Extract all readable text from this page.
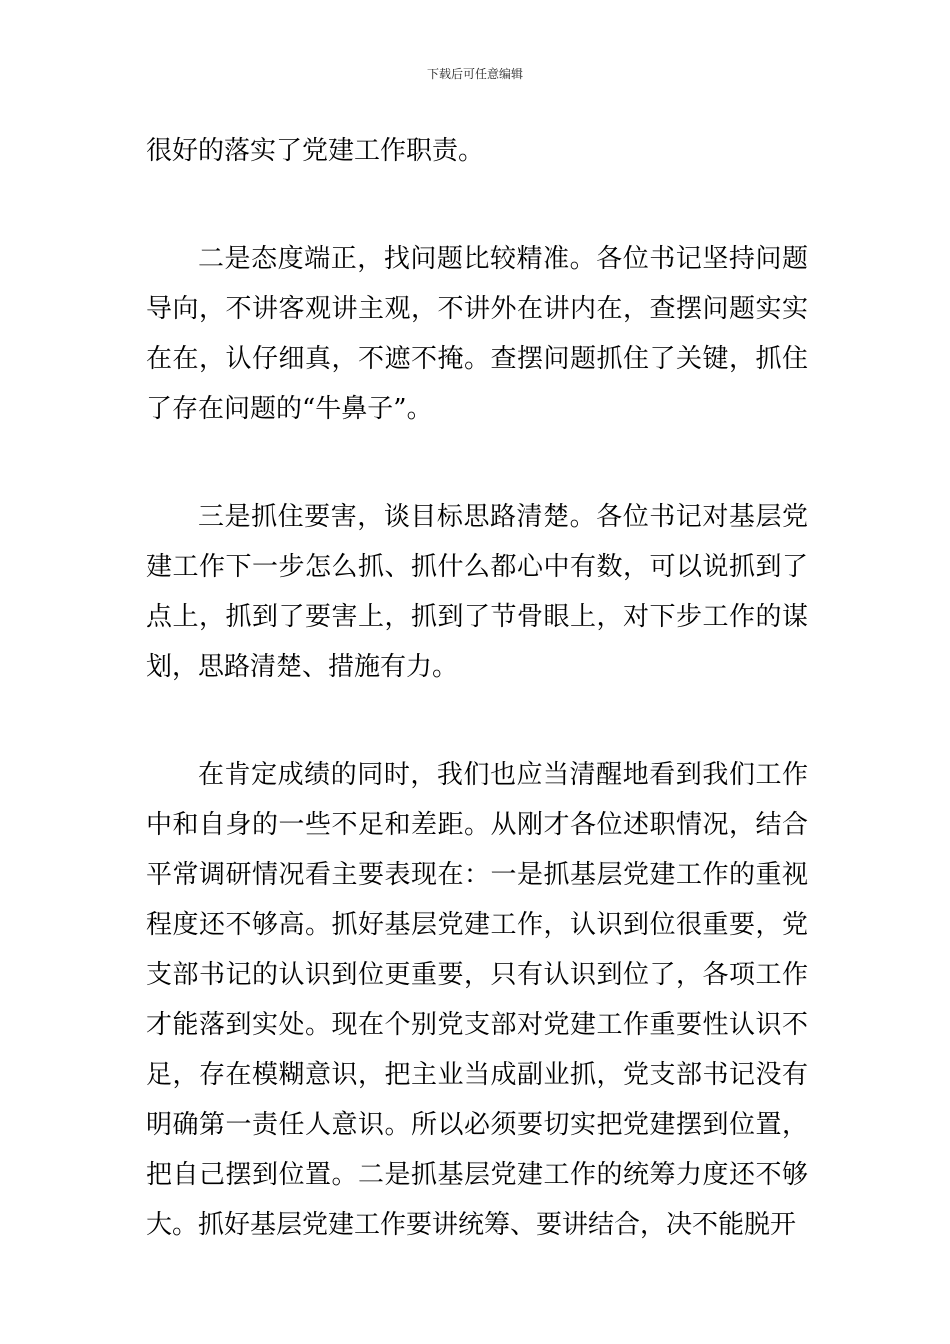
下载后可任意编辑

很好的落实了党建工作职责。

二是态度端正，找问题比较精准。各位书记坚持问题导向，不讲客观讲主观，不讲外在讲内在，查摆问题实实在在，认仔细真，不遮不掩。查摆问题抓住了关键，抓住了存在问题的“牛鼻子”。

三是抓住要害，谈目标思路清楚。各位书记对基层党建工作下一步怎么抓、抓什么都心中有数，可以说抓到了点上，抓到了要害上，抓到了节骨眼上，对下步工作的谋划，思路清楚、措施有力。

在肯定成绩的同时，我们也应当清醒地看到我们工作中和自身的一些不足和差距。从刚才各位述职情况，结合平常调研情况看主要表现在：一是抓基层党建工作的重视程度还不够高。抓好基层党建工作，认识到位很重要，党支部书记的认识到位更重要，只有认识到位了，各项工作才能落到实处。现在个别党支部对党建工作重要性认识不足，存在模糊意识，把主业当成副业抓，党支部书记没有明确第一责任人意识。所以必须要切实把党建摆到位置，把自己摆到位置。二是抓基层党建工作的统筹力度还不够大。抓好基层党建工作要讲统筹、要讲结合，决不能脱开
